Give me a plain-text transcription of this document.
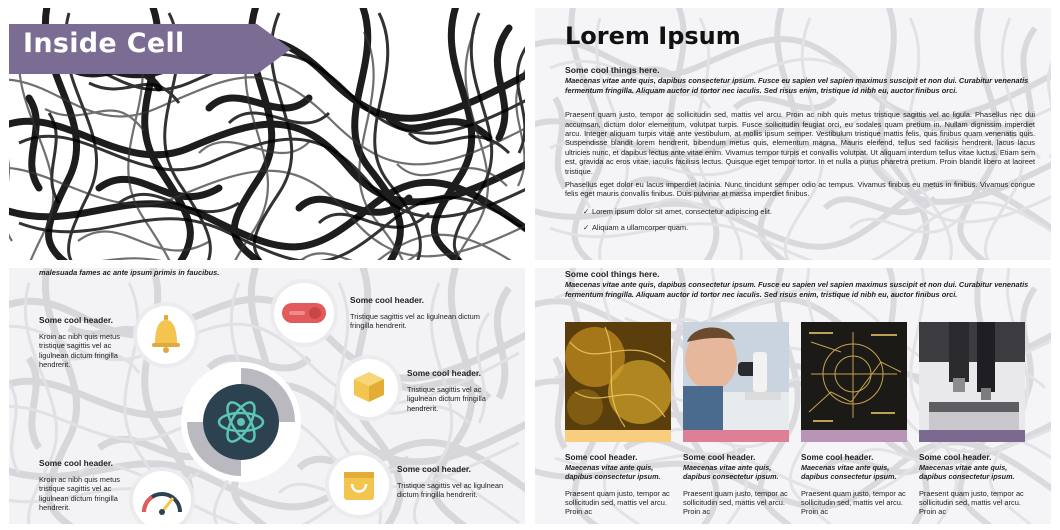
Inside Cell	Lorem Ipsum

Some cool things here.

Maecenas vitae ante quis, dapibus consectetur ipsum. Fusce eu sapien vel sapien maximus suscipit et non dui. Curabitur venenatis fermentum fringilla. Aliquam auctor id tortor nec iaculis. Sed risus enim, tristique id nibh eu, auctor finibus orci.

Praesent quam justo, tempor ac sollicitudin sed, mattis vel arcu. Proin ac nibh quis metus tristique sagittis vel ac ligula. Phasellus nec dui accumsan, dictum dolor elementum, volutpat turpis. Fusce sollicitudin feugiat orci, eu sodales quam pretium in. Nullam dignissim imperdiet arcu. Integer aliquam turpis vitae ante vestibulum, at mollis ipsum semper. Vestibulum tristique mattis felis, quis finibus quam venenatis quis. Suspendisse blandit lorem hendrerit, bibendum metus quis, elementum magna. Mauris eleifend, tellus sed facilisis hendrerit, lacus lacus ultricies nunc, et dapibus lectus ante vitae enim. Vivamus tempor turpis et convallis volutpat. Ut aliquam interdum tellus vitae luctus. Etiam sem est, gravida ac eros vitae, iaculis facilisis lectus. Quisque eget tempor tortor. In et nulla a purus pharetra pretium. Proin blandit libero at laoreet tristique.

Phasellus eget dolor eu lacus imperdiet lacinia. Nunc tincidunt semper odio ac tempus. Vivamus finibus eu metus in finibus. Vivamus congue felis eget mauris convallis finibus. Duis pulvinar at massa imperdiet finibus.

✓ Lorem ipsum dolor sit amet, consectetur adipiscing elit.
✓ Aliquam a ullamcorper quam.
malesuada fames ac ante ipsum primis in faucibus.
Some cool header.
Kroin ac nibh quis metus tristique sagittis vel ac ligulnean dictum fringilla hendrerit.
Some cool header.
Tristique sagittis vel ac ligulnean dictum fringilla hendrerit.
Some cool header.
Tristique sagittis vel ac ligulnean dictum fringilla hendrerit.
Some cool header.
Kroin ac nibh quis metus tristique sagittis vel ac ligulnean dictum fringilla hendrerit.
Some cool header.
Tristique sagittis vel ac ligulnean dictum fringilla hendrerit.

Some cool things here.

Maecenas vitae ante quis, dapibus consectetur ipsum. Fusce eu sapien vel sapien maximus suscipit et non dui. Curabitur venenatis fermentum fringilla. Aliquam auctor id tortor nec iaculis. Sed risus enim, tristique id nibh eu, auctor finibus orci.

Some cool header.
Maecenas vitae ante quis, dapibus consectetur ipsum.
Praesent quam justo, tempor ac sollicitudin sed, mattis vel arcu. Proin ac
Some cool header.
Maecenas vitae ante quis, dapibus consectetur ipsum.
Praesent quam justo, tempor ac sollicitudin sed, mattis vel arcu. Proin ac
Some cool header.
Maecenas vitae ante quis, dapibus consectetur ipsum.
Praesent quam justo, tempor ac sollicitudin sed, mattis vel arcu. Proin ac
Some cool header.
Maecenas vitae ante quis, dapibus consectetur ipsum.
Praesent quam justo, tempor ac sollicitudin sed, mattis vel arcu. Proin ac
